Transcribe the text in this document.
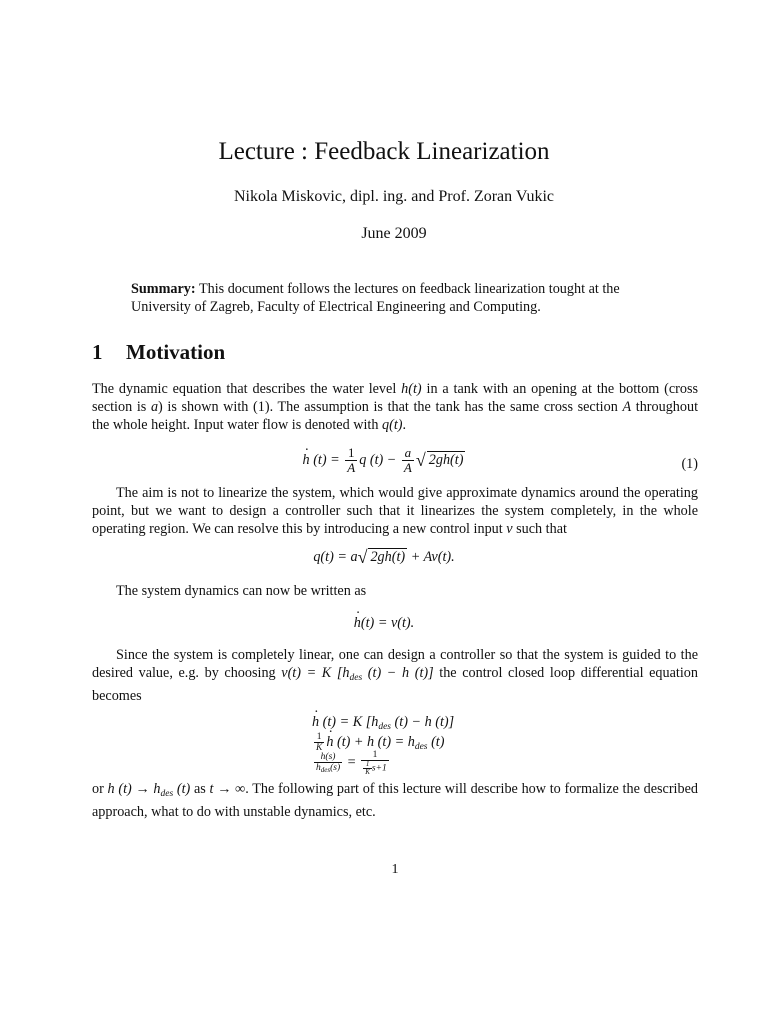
Lecture : Feedback Linearization
Nikola Miskovic, dipl. ing. and Prof. Zoran Vukic
June 2009
Summary: This document follows the lectures on feedback linearization tought at the University of Zagreb, Faculty of Electrical Engineering and Computing.
1 Motivation
The dynamic equation that describes the water level h(t) in a tank with an opening at the bottom (cross section is a) is shown with (1). The assumption is that the tank has the same cross section A throughout the whole height. Input water flow is denoted with q(t).
· h $(t) = \frac{1}{A}$ q $(t) - \frac{a}{A}$ √ 2gh(t)	(1)
The aim is not to linearize the system, which would give approximate dynamics around the operating point, but we want to design a controller such that it linearizes the system completely, in the whole operating region. We can resolve this by introducing a new control input v such that
q(t) = a√ 2gh(t) + Av(t).
The system dynamics can now be written as
· h(t) = v(t).
Since the system is completely linear, one can design a controller so that the system is guided to the desired value, e.g. by choosing v(t) = K [$h_{des}$ (t) − h (t)] the control closed loop differential equation becomes
· h (t) = K [$h_{des}$ (t) − h (t)]
$\frac{1}{K}$
· h (t) + h $(t) = h_{des}$ (t)
$\frac{h(s)}{h_{des}(s)} = \frac{1}{\frac{1}{K} s+1}$
or h $(t) \to h_{des}$ (t) as t → ∞. The following part of this lecture will describe how to formalize the described approach, what to do with unstable dynamics, etc.
1
